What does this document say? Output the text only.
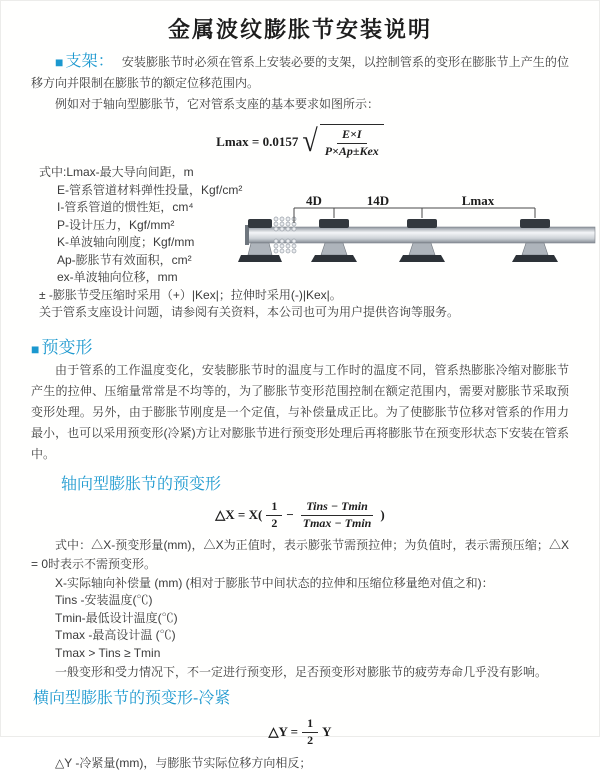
金属波纹膨胀节安装说明

■ 支架： 安装膨胀节时必须在管系上安装必要的支架，以控制管系的变形在膨胀节上产生的位移方向并限制在膨胀节的额定位移范围内。

例如对于轴向型膨胀节，它对管系支座的基本要求如图所示：

Lmax = 0.0157 √ $\frac{E\times I}{\text{P×Ap±Kex}}$

式中:Lmax-最大导向间距，m

E-管系管道材料弹性投量，Kgf/cm²

I-管系管道的惯性矩，cm⁴

P-设计压力，Kgf/mm²

K-单波轴向刚度；Kgf/mm

Ap-膨胀节有效面积，cm²

ex-单波轴向位移，mm

± -膨胀节受压缩时采用（+）|Kex|；拉伸时采用(-)|Kex|。

关于管系支座设计问题，请参阅有关资料，本公司也可为用户提供咨询等服务。

4D	14D	Lmax

■ 预变形

由于管系的工作温度变化，安装膨胀节时的温度与工作时的温度不同，管系热膨胀冷缩对膨胀节产生的拉伸、压缩量常常是不均等的，为了膨胀节变形范围控制在额定范围内，需要对膨胀节采取预变形处理。另外，由于膨胀节刚度是一个定值，与补偿量成正比。为了使膨胀节位移对管系的作用力最小，也可以采用预变形(冷紧)方让对膨胀节进行预变形处理后再将膨胀节在预变形状态下安装在管系中。

轴向型膨胀节的预变形

△X = $X( \frac{1}{2} - \frac{\text{Tins − Tmin}}{Tmax - Tmin}$ )

式中：△X-预变形量(mm)，△X为正值时，表示膨张节需预拉伸；为负值时，表示需预压缩；△X = 0时表示不需预变形。

X-实际轴向补偿量 (mm) (相对于膨胀节中间状态的拉伸和压缩位移量绝对值之和)：

Tins -安装温度(℃)

Tmin-最低设计温度(℃)

Tmax -最高设计温 (℃)

Tmax > Tins ≥ Tmin

一般变形和受力情况下，不一定进行预变形，足否预变形对膨胀节的疲劳寿命几乎没有影响。

横向型膨胀节的预变形-冷紧

△Y = $\frac{1}{2}$ Y

△Y -冷紧量(mm)，与膨胀节实际位移方向相反；
